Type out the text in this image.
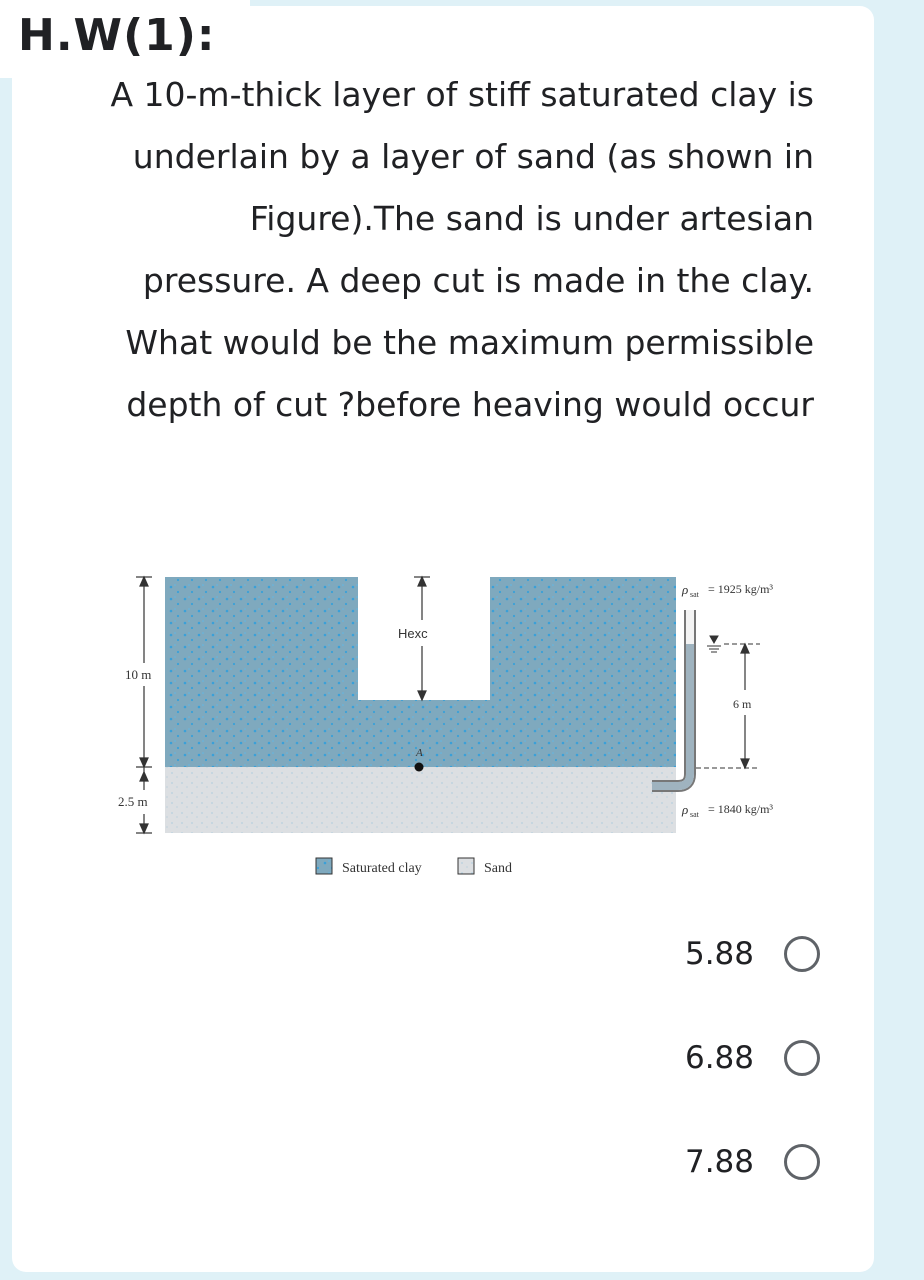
H.W(1):

A 10-m-thick layer of stiff saturated clay is underlain by a layer of sand (as shown in Figure).The sand is under artesian pressure. A deep cut is made in the clay. What would be the maximum permissible depth of cut ?before heaving would occur

10 m
2.5 m
Hexc
A
6 m
ρ sat = 1925 kg/m³
ρ sat = 1840 kg/m³
Saturated clay	Sand
5.88
6.88
7.88
